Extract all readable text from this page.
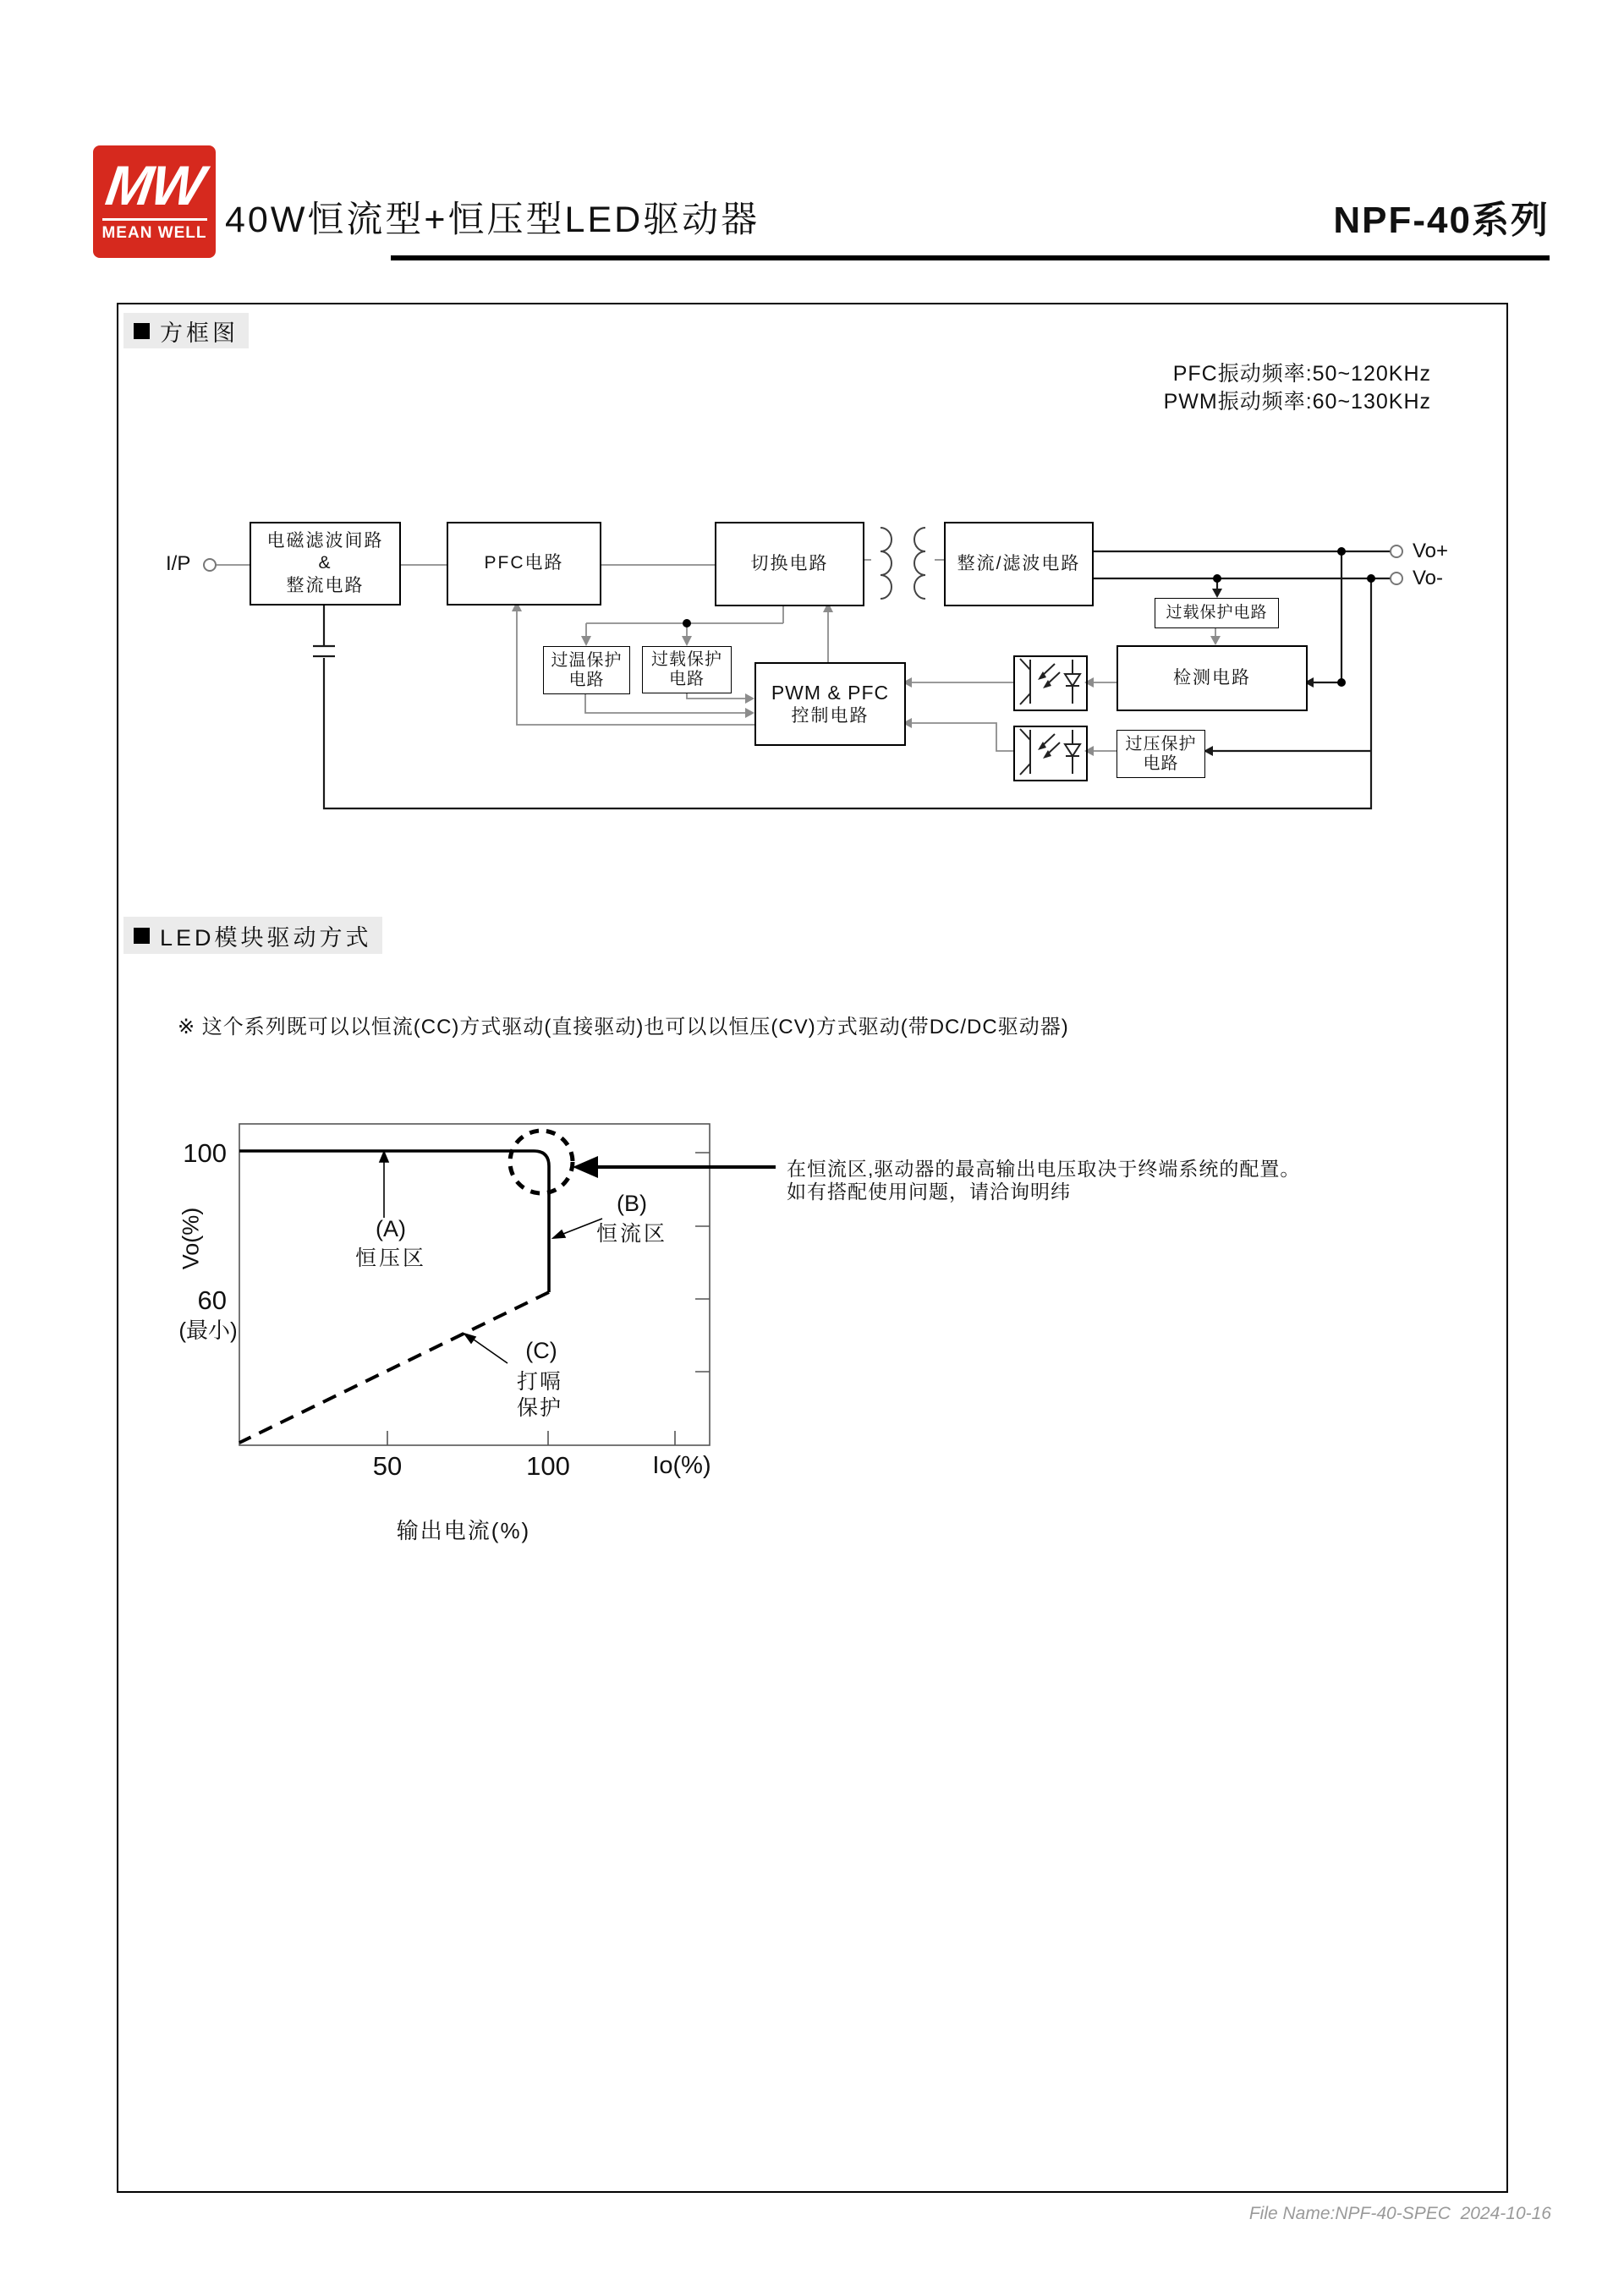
MW
MEAN WELL 40W恒流型+恒压型LED驱动器	NPF-40系列
方框图
PFC振动频率:50~120KHz
PWM振动频率:60~130KHz
LED模块驱动方式
※ 这个系列既可以以恒流(CC)方式驱动(直接驱动)也可以以恒压(CV)方式驱动(带DC/DC驱动器)
电磁滤波间路
&
整流电路
PFC电路	切换电路	整流/滤波电路
过载保护电路
检测电路
过压保护
电路
PWM & PFC
控制电路
过温保护
电路
过载保护
电路
I/P
Vo+
Vo-
100
Vo(%)
60
(最小)
50	100	Io(%)
输出电流(%)
(A)
恒压区
(B)
恒流区
(C)
打嗝
保护
在恒流区,驱动器的最高输出电压取决于终端系统的配置。
如有搭配使用问题，请洽询明纬
File Name:NPF-40-SPEC  2024-10-16
